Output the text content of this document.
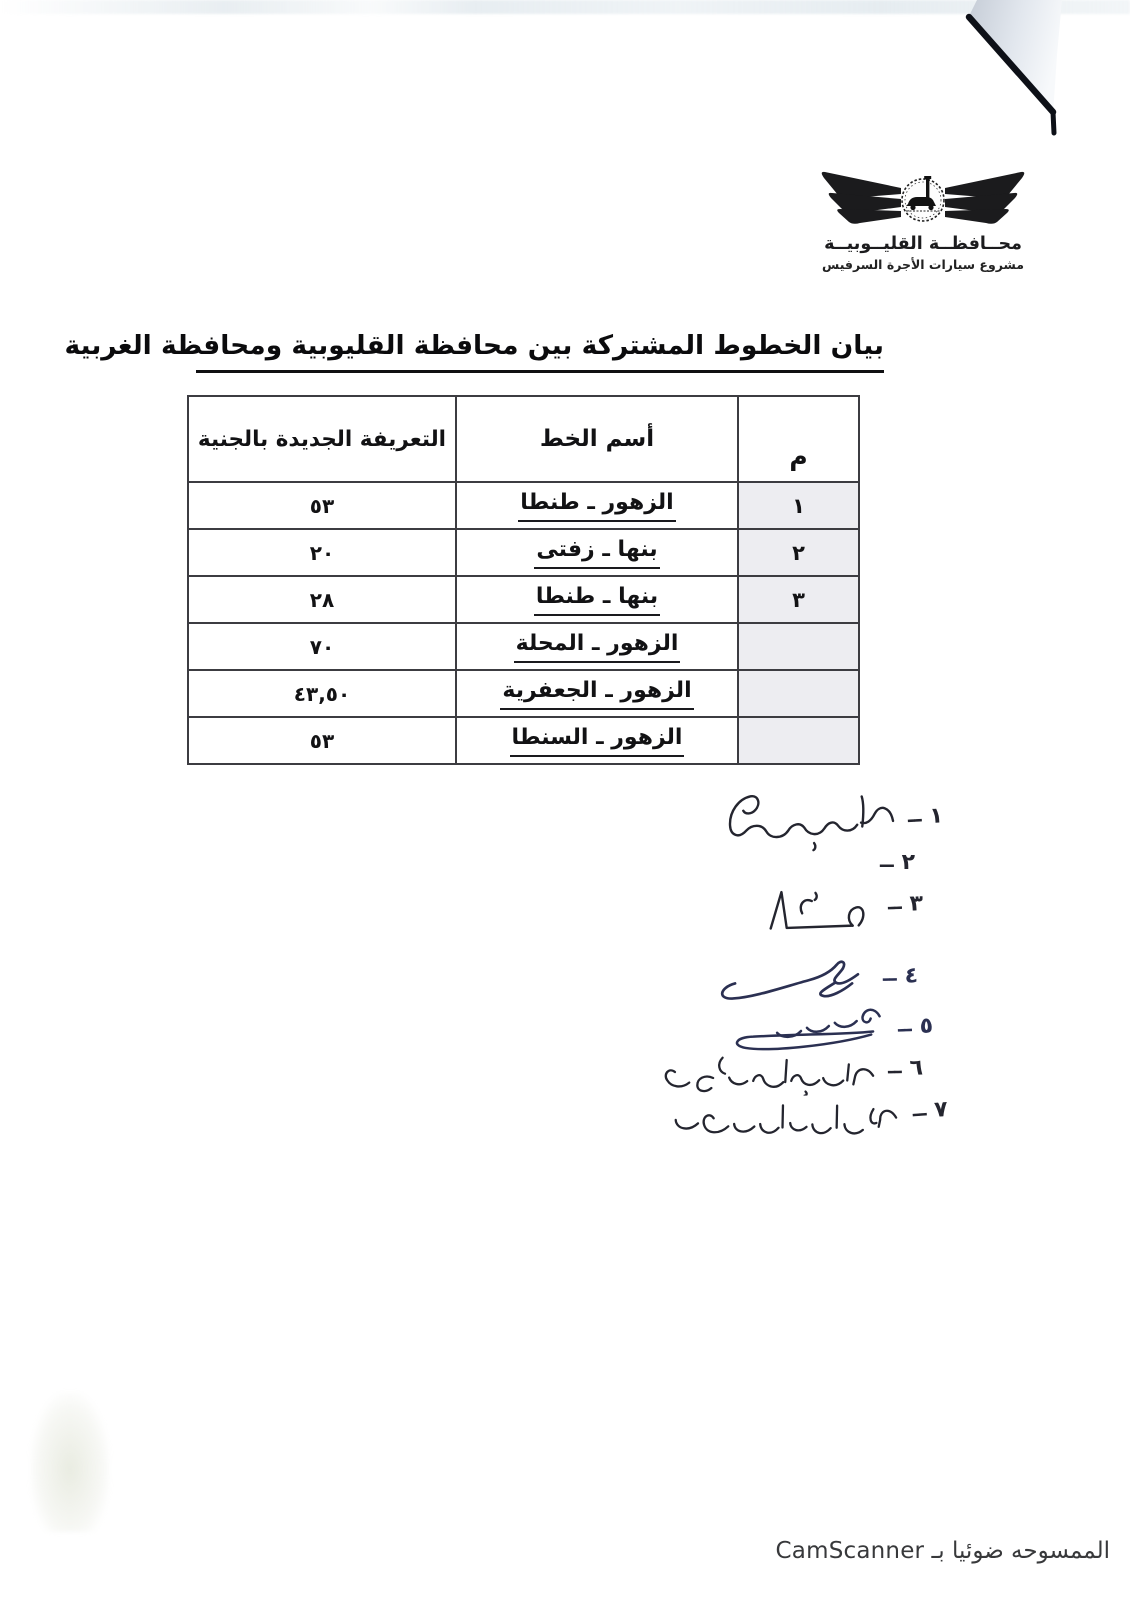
محــافظــة القليــوبيــة
مشروع سيارات الأجرة السرفيس
بيان الخطوط المشتركة بين محافظة القليوبية ومحافظة الغربية
م	أسم الخط	التعريفة الجديدة بالجنية
١	الزهور ـ طنطا	٥٣
٢	بنها ـ زفتى	٢٠
٣	بنها ـ طنطا	٢٨
	الزهور ـ المحلة	٧٠
	الزهور ـ الجعفرية	٤٣,٥٠
	الزهور ـ السنطا	٥٣
١
ــ
٢
ــ
٣
ــ
٤
ــ
٥
ــ
٦
ــ
٧
ــ
الممسوحه ضوئيا بـ CamScanner
